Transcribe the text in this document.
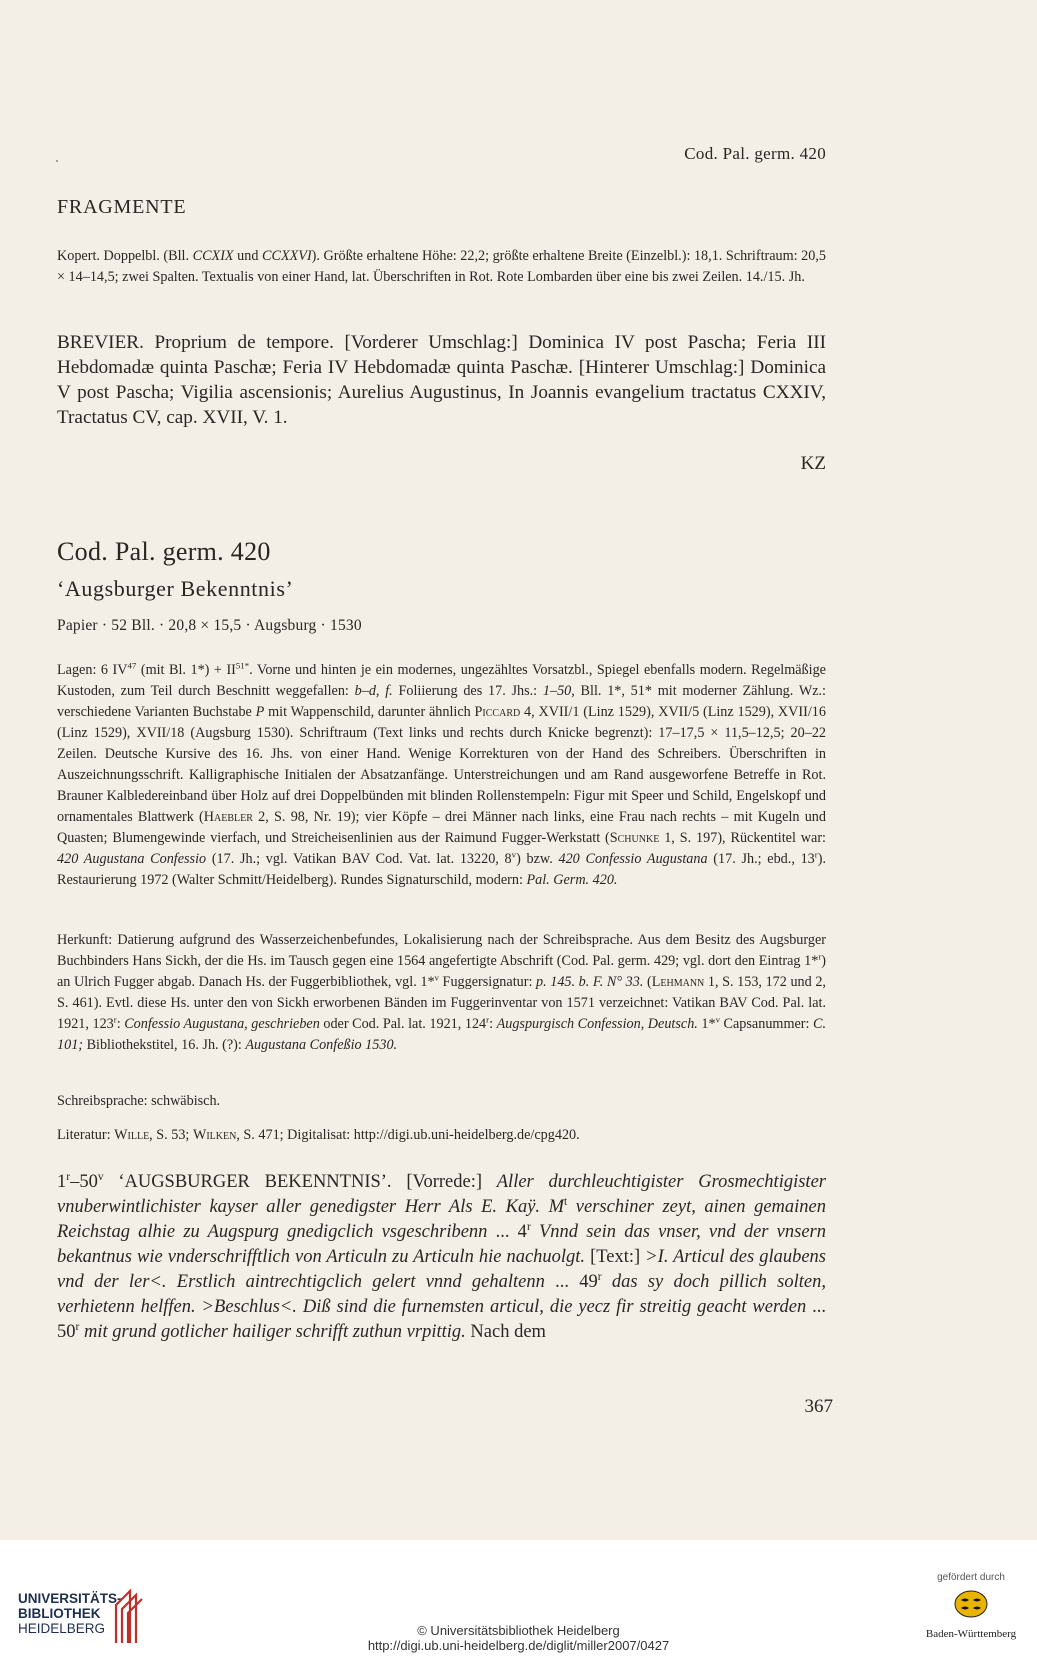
Cod. Pal. germ. 420
FRAGMENTE
Kopert. Doppelbl. (Bll. CCXIX und CCXXVI). Größte erhaltene Höhe: 22,2; größte erhaltene Breite (Einzelbl.): 18,1. Schriftraum: 20,5 × 14–14,5; zwei Spalten. Textualis von einer Hand, lat. Überschriften in Rot. Rote Lombarden über eine bis zwei Zeilen. 14./15. Jh.
BREVIER. Proprium de tempore. [Vorderer Umschlag:] Dominica IV post Pascha; Feria III Hebdomadæ quinta Paschæ; Feria IV Hebdomadæ quinta Paschæ. [Hinterer Umschlag:] Dominica V post Pascha; Vigilia ascensionis; Aurelius Augustinus, In Joannis evangelium tractatus CXXIV, Tractatus CV, cap. XVII, V. 1.
KZ
Cod. Pal. germ. 420
‘Augsburger Bekenntnis’
Papier · 52 Bll. · 20,8 × 15,5 · Augsburg · 1530
Lagen: 6 IV$^{47}$ (mit Bl. $1*) + II^{51*}$. Vorne und hinten je ein modernes, ungezähltes Vorsatzbl., Spiegel ebenfalls modern. Regelmäßige Kustoden, zum Teil durch Beschnitt weggefallen: b–d, f. Foliierung des 17. Jhs.: 1–50, Bll. 1*, 51* mit moderner Zählung. Wz.: verschiedene Varianten Buchstabe P mit Wappenschild, darunter ähnlich Piccard 4, XVII/1 (Linz 1529), XVII/5 (Linz 1529), XVII/16 (Linz 1529), XVII/18 (Augsburg 1530). Schriftraum (Text links und rechts durch Knicke begrenzt): 17–17,5 × 11,5–12,5; 20–22 Zeilen. Deutsche Kursive des 16. Jhs. von einer Hand. Wenige Korrekturen von der Hand des Schreibers. Überschriften in Auszeichnungsschrift. Kalligraphische Initialen der Absatzanfänge. Unterstreichungen und am Rand ausgeworfene Betreffe in Rot. Brauner Kalbledereinband über Holz auf drei Doppelbünden mit blinden Rollenstempeln: Figur mit Speer und Schild, Engelskopf und ornamentales Blattwerk (Haebler 2, S. 98, Nr. 19); vier Köpfe – drei Männer nach links, eine Frau nach rechts – mit Kugeln und Quasten; Blumengewinde vierfach, und Streicheisenlinien aus der Raimund Fugger-Werkstatt (Schunke 1, S. 197), Rückentitel war: 420 Augustana Confessio (17. Jh.; vgl. Vatikan BAV Cod. Vat. lat. 13220, 8$^v$) bzw. 420 Confessio Augustana (17. Jh.; ebd., 13$^r$). Restaurierung 1972 (Walter Schmitt/Heidelberg). Rundes Signaturschild, modern: Pal. Germ. 420.
Herkunft: Datierung aufgrund des Wasserzeichenbefundes, Lokalisierung nach der Schreibsprache. Aus dem Besitz des Augsburger Buchbinders Hans Sickh, der die Hs. im Tausch gegen eine 1564 angefertigte Abschrift (Cod. Pal. germ. 429; vgl. dort den Eintrag 1*$^r$) an Ulrich Fugger abgab. Danach Hs. der Fuggerbibliothek, vgl. 1*$^v$ Fuggersignatur: p. 145. b. F. N° 33. (Lehmann 1, S. 153, 172 und 2, S. 461). Evtl. diese Hs. unter den von Sickh erworbenen Bänden im Fuggerinventar von 1571 verzeichnet: Vatikan BAV Cod. Pal. lat. 1921, 123$^r$: Confessio Augustana, geschrieben oder Cod. Pal. lat. 1921, 124$^r$: Augspurgisch Confession, Deutsch. 1*$^v$ Capsanummer: C. 101; Bibliothekstitel, 16. Jh. (?): Augustana Confeßio 1530.
Schreibsprache: schwäbisch.
Literatur: Wille, S. 53; Wilken, S. 471; Digitalisat: http://digi.ub.uni-heidelberg.de/cpg420.
1$^r$–50$^v$ ‘AUGSBURGER BEKENNTNIS’. [Vorrede:] Aller durchleuchtigister Grosmechtigister vnuberwintlichister kayser aller genedigster Herr Als E. Kaÿ. $M^t$ verschiner zeyt, ainen gemainen Reichstag alhie zu Augspurg gnedigclich vsgeschribenn ... 4$^r$ Vnnd sein das vnser, vnd der vnsern bekantnus wie vnderschrifftlich von Articuln zu Articuln hie nachuolgt. [Text:] >I. Articul des glaubens vnd der ler<. Erstlich aintrechtigclich gelert vnnd gehaltenn ... 49$^r$ das sy doch pillich solten, verhietenn helffen. >Beschlus<. Diß sind die furnemsten articul, die yecz fir streitig geacht werden ... 50$^r$ mit grund gotlicher hailiger schrifft zuthun vrpittig. Nach dem
367
UNIVERSITÄTS-
BIBLIOTHEK
HEIDELBERG	© Universitätsbibliothek Heidelberg
http://digi.ub.uni-heidelberg.de/diglit/miller2007/0427
gefördert durch
Baden-Württemberg
